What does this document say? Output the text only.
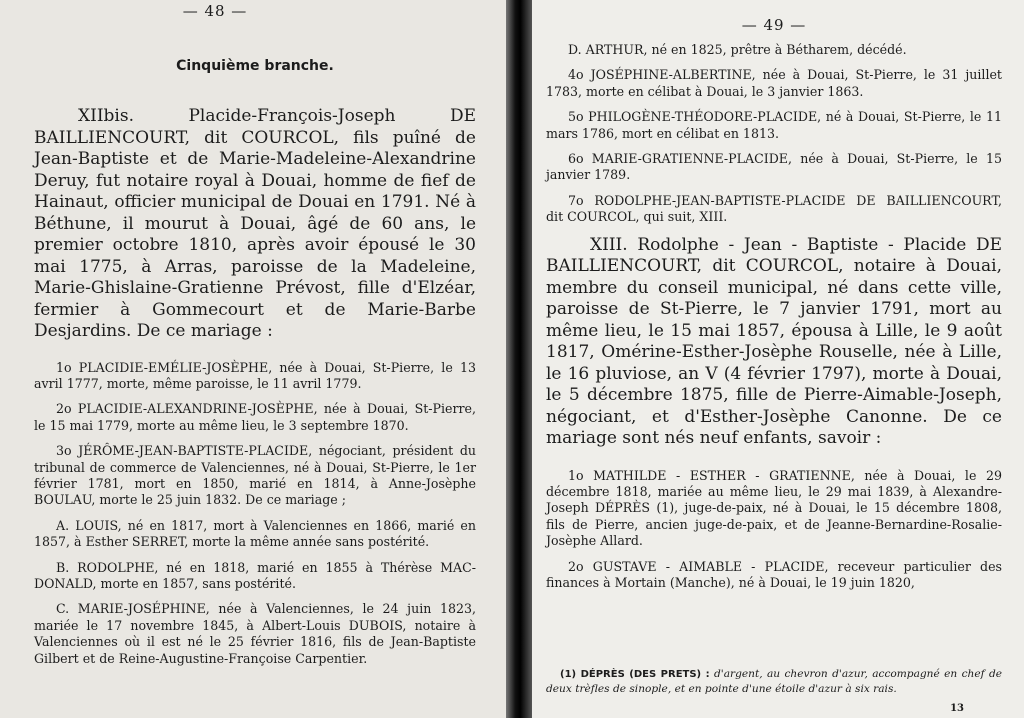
— 48 —
Cinquième branche.

XIIbis. Placide-François-Joseph DE BAILLIENCOURT, dit COURCOL, fils puîné de Jean-Baptiste et de Marie-Madeleine-Alexandrine Deruy, fut notaire royal à Douai, homme de fief de Hainaut, officier municipal de Douai en 1791. Né à Béthune, il mourut à Douai, âgé de 60 ans, le premier octobre 1810, après avoir épousé le 30 mai 1775, à Arras, paroisse de la Madeleine, Marie-Ghislaine-Gratienne Prévost, fille d'Elzéar, fermier à Gommecourt et de Marie-Barbe Desjardins. De ce mariage :

1o PLACIDIE-EMÉLIE-JOSÈPHE, née à Douai, St-Pierre, le 13 avril 1777, morte, même paroisse, le 11 avril 1779.

2o PLACIDIE-ALEXANDRINE-JOSÈPHE, née à Douai, St-Pierre, le 15 mai 1779, morte au même lieu, le 3 septembre 1870.

3o JÉRÔME-JEAN-BAPTISTE-PLACIDE, négociant, président du tribunal de commerce de Valenciennes, né à Douai, St-Pierre, le 1er février 1781, mort en 1850, marié en 1814, à Anne-Josèphe BOULAU, morte le 25 juin 1832. De ce mariage ;

A. LOUIS, né en 1817, mort à Valenciennes en 1866, marié en 1857, à Esther SERRET, morte la même année sans postérité.

B. RODOLPHE, né en 1818, marié en 1855 à Thérèse MAC-DONALD, morte en 1857, sans postérité.

C. MARIE-JOSÉPHINE, née à Valenciennes, le 24 juin 1823, mariée le 17 novembre 1845, à Albert-Louis DUBOIS, notaire à Valenciennes où il est né le 25 février 1816, fils de Jean-Baptiste Gilbert et de Reine-Augustine-Françoise Carpentier.

— 49 —

D. ARTHUR, né en 1825, prêtre à Bétharem, décédé.

4o JOSÉPHINE-ALBERTINE, née à Douai, St-Pierre, le 31 juillet 1783, morte en célibat à Douai, le 3 janvier 1863.

5o PHILOGÈNE-THÉODORE-PLACIDE, né à Douai, St-Pierre, le 11 mars 1786, mort en célibat en 1813.

6o MARIE-GRATIENNE-PLACIDE, née à Douai, St-Pierre, le 15 janvier 1789.

7o RODOLPHE-JEAN-BAPTISTE-PLACIDE DE BAILLIENCOURT, dit COURCOL, qui suit, XIII.

XIII. Rodolphe - Jean - Baptiste - Placide DE BAILLIENCOURT, dit COURCOL, notaire à Douai, membre du conseil municipal, né dans cette ville, paroisse de St-Pierre, le 7 janvier 1791, mort au même lieu, le 15 mai 1857, épousa à Lille, le 9 août 1817, Omérine-Esther-Josèphe Rouselle, née à Lille, le 16 pluviose, an V (4 février 1797), morte à Douai, le 5 décembre 1875, fille de Pierre-Aimable-Joseph, négociant, et d'Esther-Josèphe Canonne. De ce mariage sont nés neuf enfants, savoir :

1o MATHILDE - ESTHER - GRATIENNE, née à Douai, le 29 décembre 1818, mariée au même lieu, le 29 mai 1839, à Alexandre-Joseph DÉPRÈS (1), juge-de-paix, né à Douai, le 15 décembre 1808, fils de Pierre, ancien juge-de-paix, et de Jeanne-Bernardine-Rosalie-Josèphe Allard.

2o GUSTAVE - AIMABLE - PLACIDE, receveur particulier des finances à Mortain (Manche), né à Douai, le 19 juin 1820,

(1) DÉPRÈS (DES PRETS) : d'argent, au chevron d'azur, accompagné en chef de deux trèfles de sinople, et en pointe d'une étoile d'azur à six rais.
13
